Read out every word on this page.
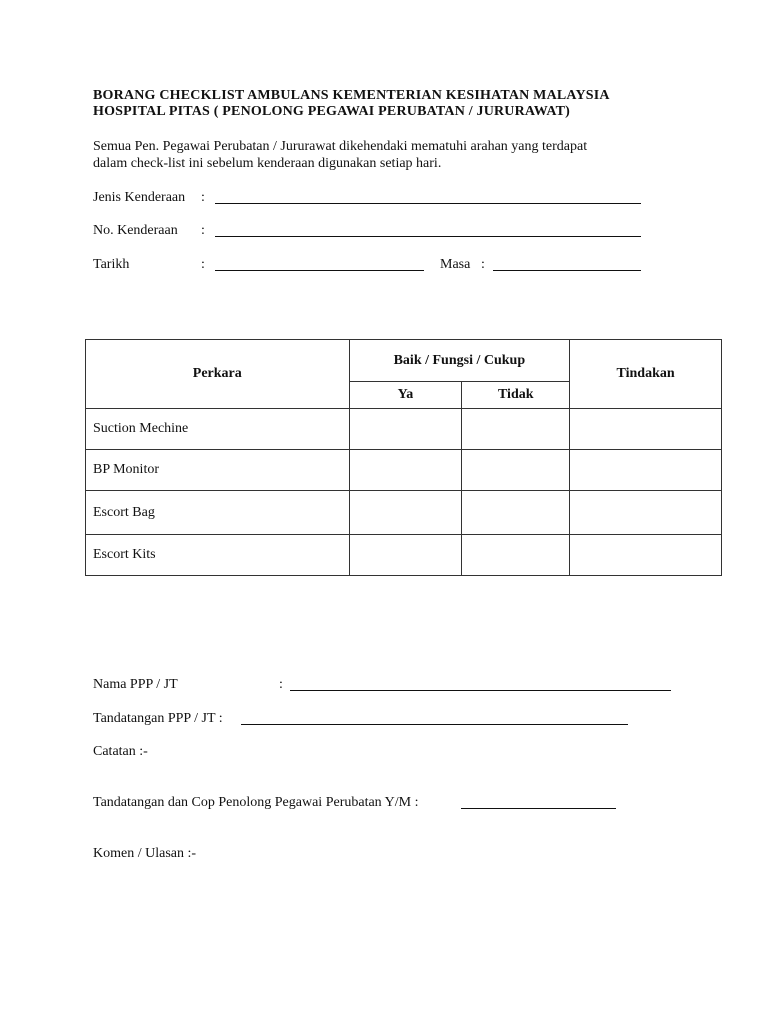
BORANG CHECKLIST AMBULANS KEMENTERIAN KESIHATAN MALAYSIA
HOSPITAL PITAS ( PENOLONG PEGAWAI PERUBATAN / JURURAWAT)
Semua Pen. Pegawai Perubatan / Jururawat dikehendaki mematuhi arahan yang terdapat
dalam check-list ini sebelum kenderaan digunakan setiap hari.
Jenis Kenderaan :
No. Kenderaan :
Tarikh	:	Masa :
Perkara	Baik / Fungsi / Cukup		Tindakan
	Ya	Tidak	
Suction Mechine			
BP Monitor			
Escort Bag			
Escort Kits			
Nama PPP / JT	:
Tandatangan PPP / JT :
Catatan :-
Tandatangan dan Cop Penolong Pegawai Perubatan Y/M :
Komen / Ulasan :-
